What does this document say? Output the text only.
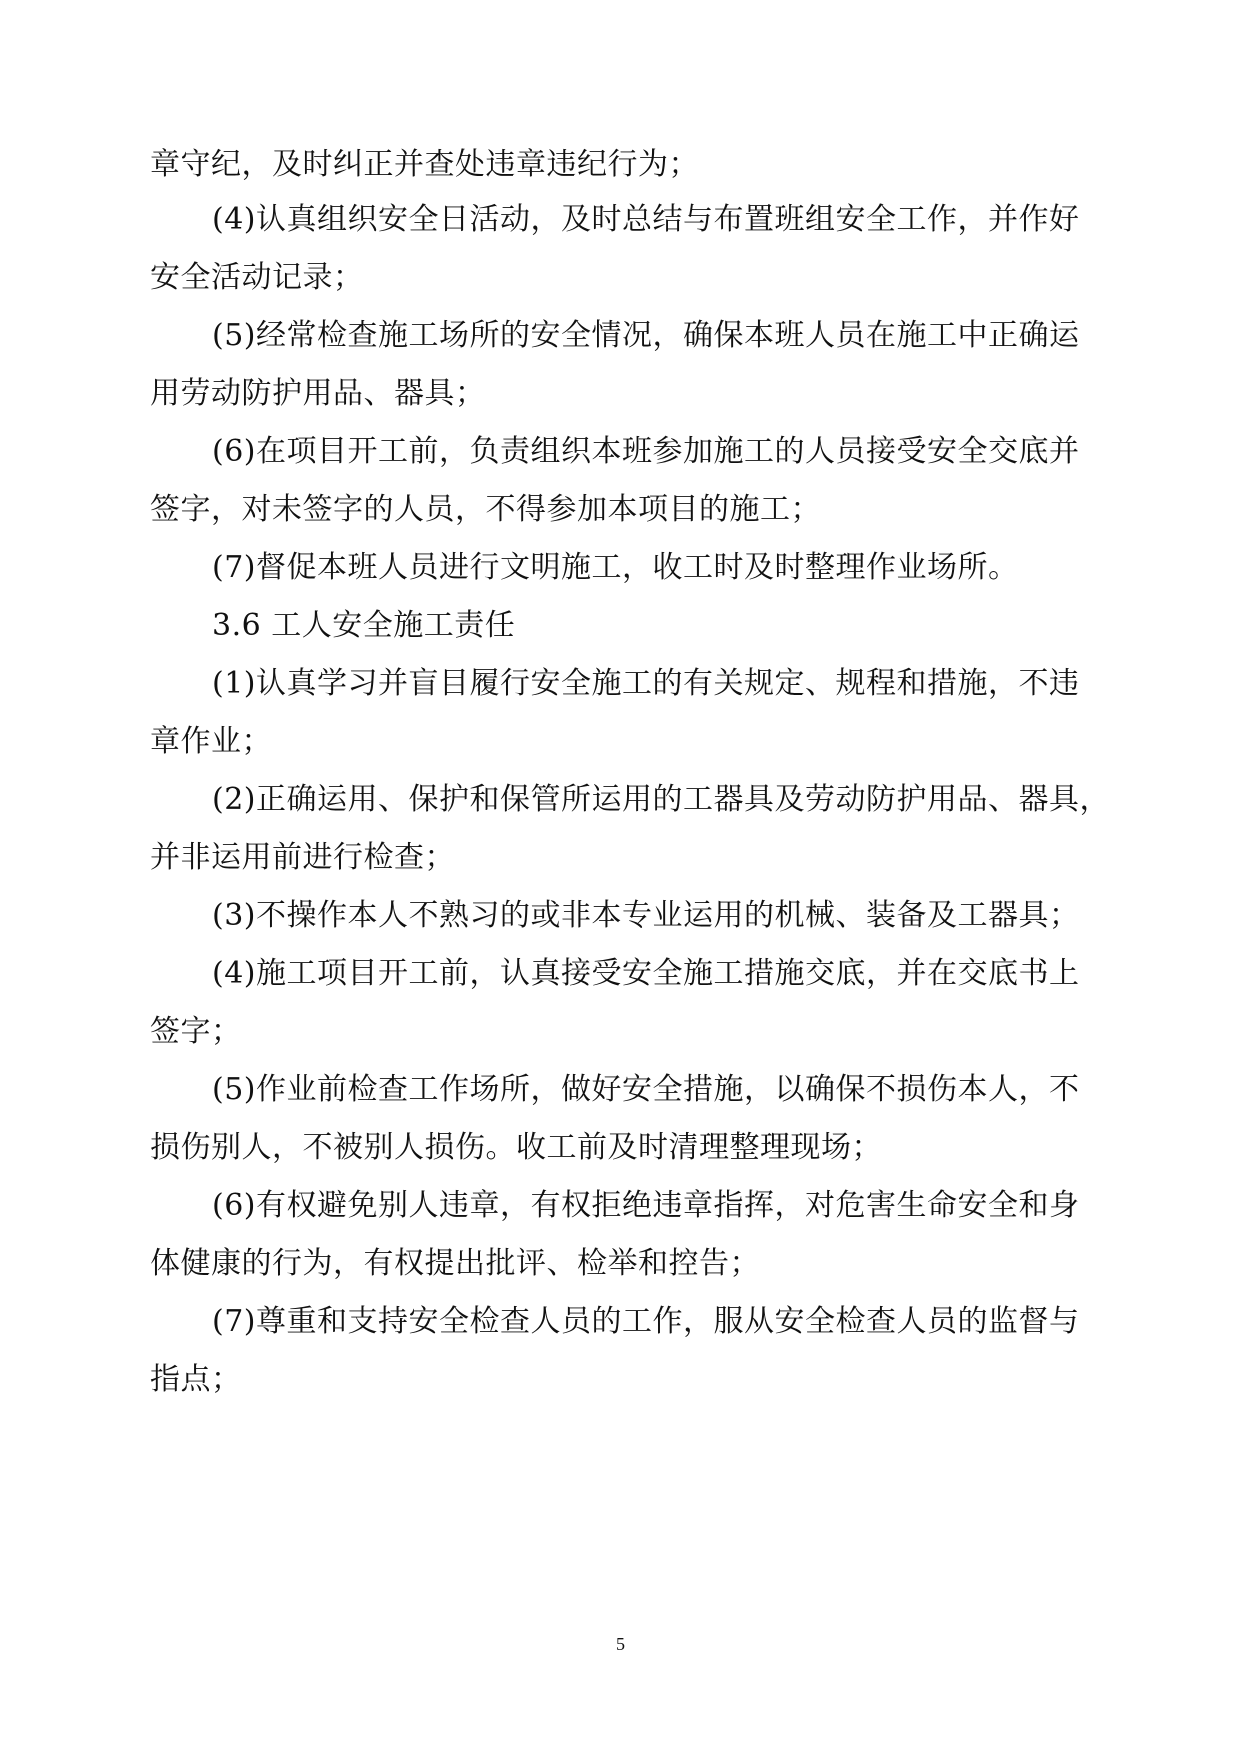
章守纪，及时纠正并查处违章违纪行为；
(4)认真组织安全日活动，及时总结与布置班组安全工作，并作好
安全活动记录；
(5)经常检查施工场所的安全情况，确保本班人员在施工中正确运
用劳动防护用品、器具；
(6)在项目开工前，负责组织本班参加施工的人员接受安全交底并
签字，对未签字的人员，不得参加本项目的施工；
(7)督促本班人员进行文明施工，收工时及时整理作业场所。
3.6 工人安全施工责任
(1)认真学习并盲目履行安全施工的有关规定、规程和措施，不违
章作业；
(2)正确运用、保护和保管所运用的工器具及劳动防护用品、器具，
并非运用前进行检查；
(3)不操作本人不熟习的或非本专业运用的机械、装备及工器具；
(4)施工项目开工前，认真接受安全施工措施交底，并在交底书上
签字；
(5)作业前检查工作场所，做好安全措施，以确保不损伤本人，不
损伤别人，不被别人损伤。收工前及时清理整理现场；
(6)有权避免别人违章，有权拒绝违章指挥，对危害生命安全和身
体健康的行为，有权提出批评、检举和控告；
(7)尊重和支持安全检查人员的工作，服从安全检查人员的监督与
指点；
5
